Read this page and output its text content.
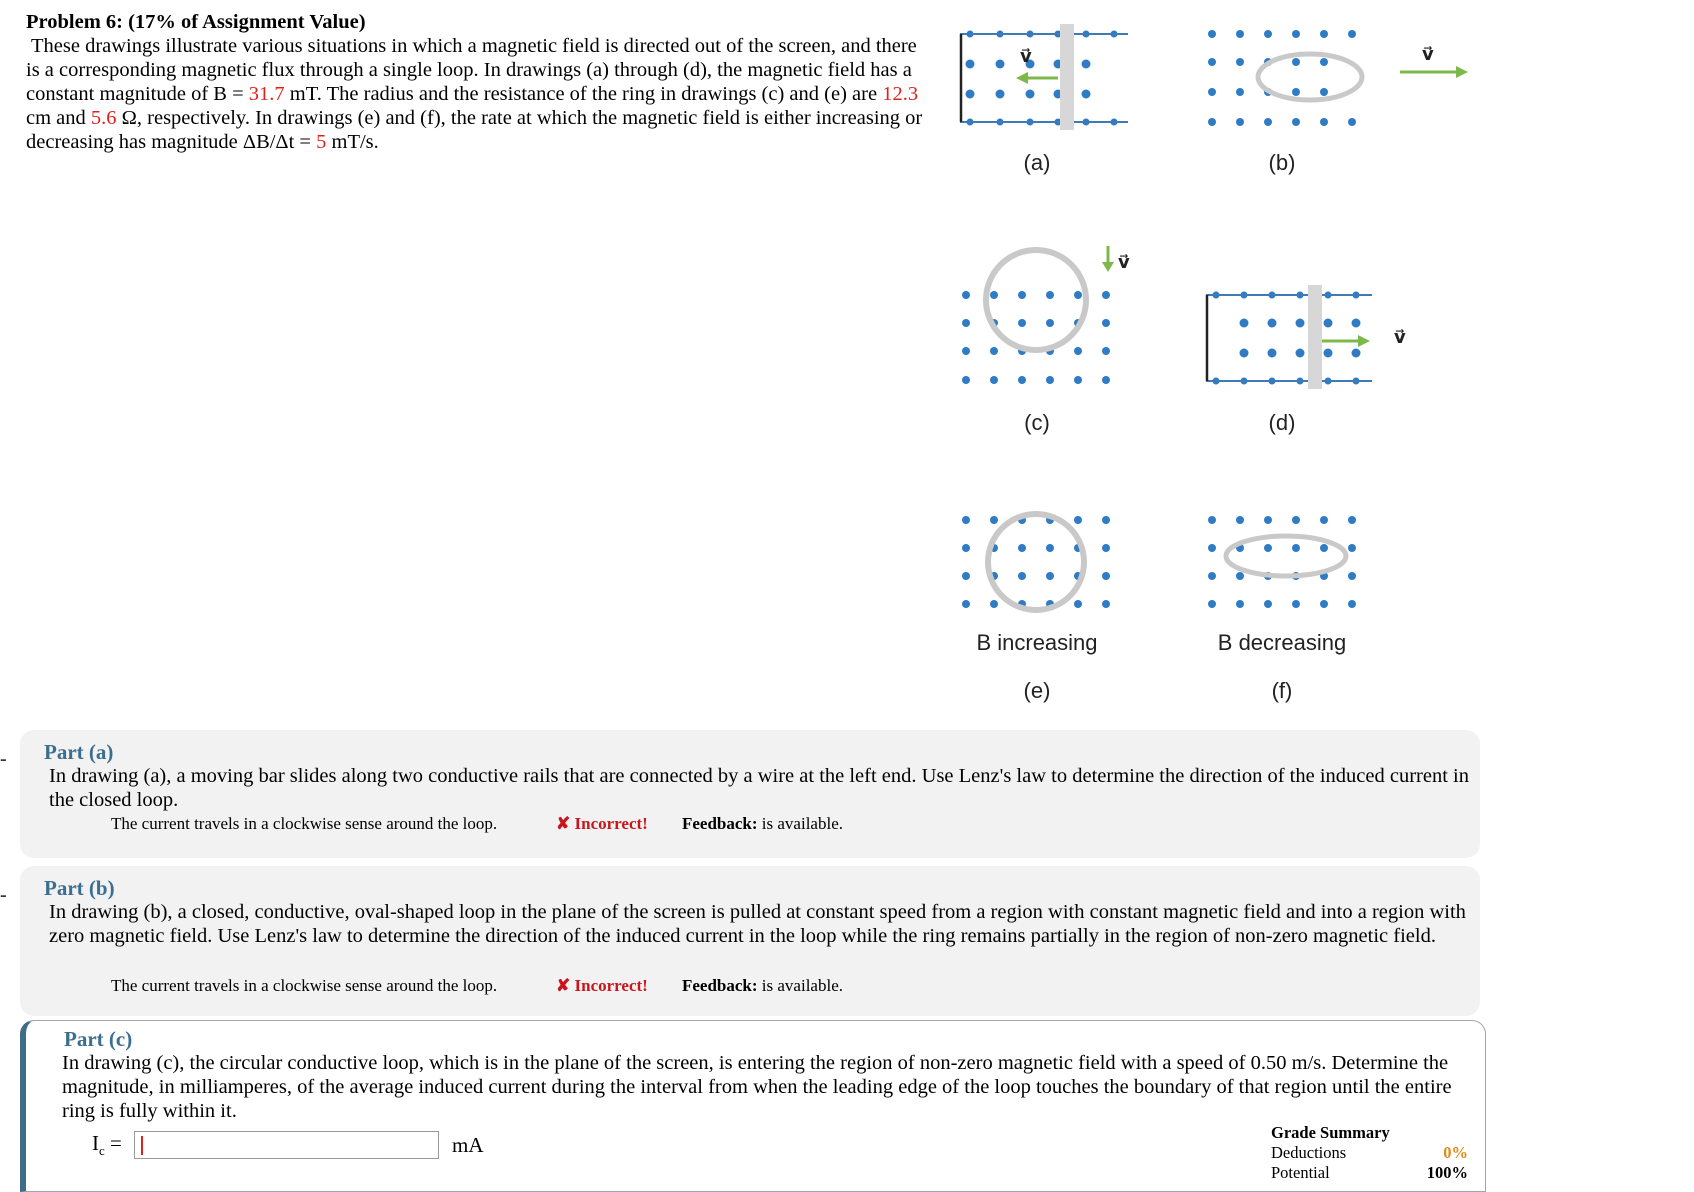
Problem 6: (17% of Assignment Value)

These drawings illustrate various situations in which a magnetic field is directed out of the screen, and there is a corresponding magnetic flux through a single loop. In drawings (a) through (d), the magnetic field has a constant magnitude of B = 31.7 mT. The radius and the resistance of the ring in drawings (c) and (e) are 12.3 cm and 5.6 Ω, respectively. In drawings (e) and (f), the rate at which the magnetic field is either increasing or decreasing has magnitude ΔB/Δt = 5 mT/s.

v⃗
(a)
v⃗
(b)
v⃗
(c)
v⃗
(d)
B increasing
(e)
B decreasing
(f)
- Part (a)
In drawing (a), a moving bar slides along two conductive rails that are connected by a wire at the left end. Use Lenz's law to determine the direction of the induced current in the closed loop.
The current travels in a clockwise sense around the loop.	✘ Incorrect! Feedback: is available.
- Part (b)
In drawing (b), a closed, conductive, oval-shaped loop in the plane of the screen is pulled at constant speed from a region with constant magnetic field and into a region with zero magnetic field. Use Lenz's law to determine the direction of the induced current in the loop while the ring remains partially in the region of non-zero magnetic field.
The current travels in a clockwise sense around the loop.	✘ Incorrect! Feedback: is available.
Part (c)
In drawing (c), the circular conductive loop, which is in the plane of the screen, is entering the region of non-zero magnetic field with a speed of 0.50 m/s. Determine the magnitude, in milliamperes, of the average induced current during the interval from when the leading edge of the loop touches the boundary of that region until the entire ring is fully within it.
$I_c$ =	mA
Grade Summary
Deductions	0%
Potential	100%
